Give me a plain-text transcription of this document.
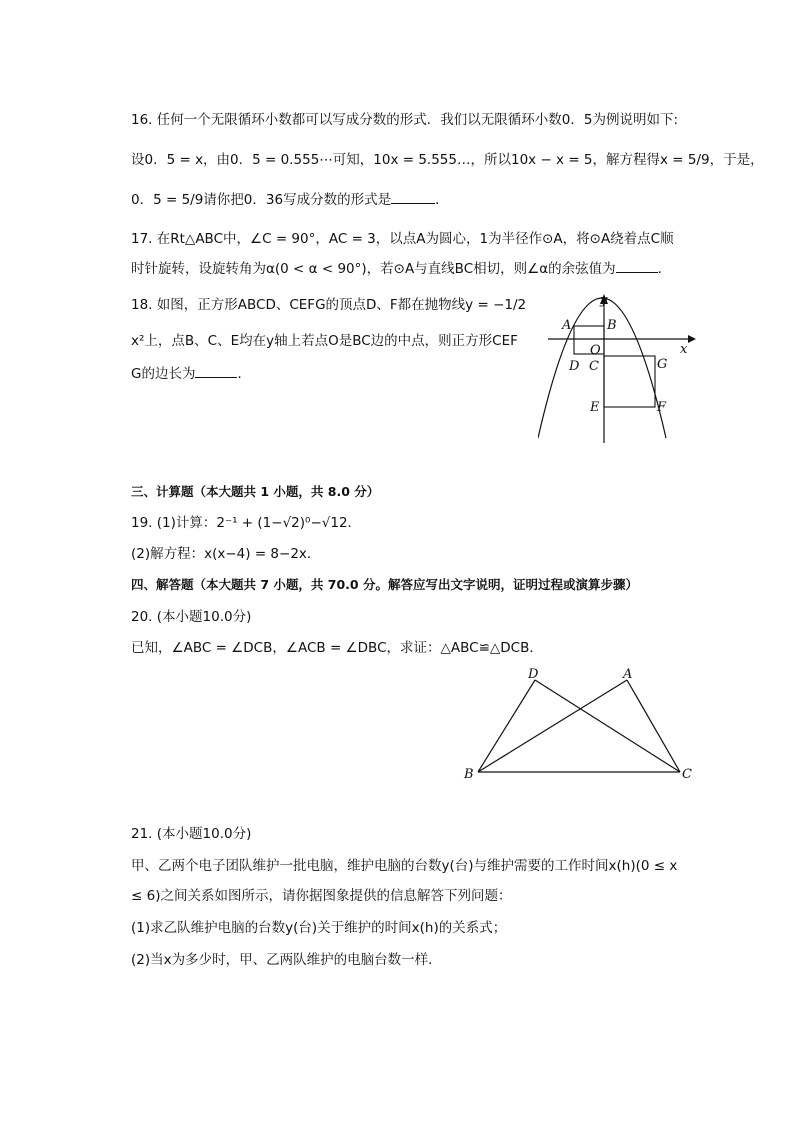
16. 任何一个无限循环小数都可以写成分数的形式．我们以无限循环小数0．5̇为例说明如下:
设0．5̇ = x，由0．5̇ = 0.555⋯可知，10x = 5.555…，所以10x − x = 5，解方程得x = 5/9，于是，
0．5̇ = 5/9请你把0．3̇6̇写成分数的形式是	．
17. 在Rt△ABC中，∠C = 90°，AC = 3，以点A为圆心，1为半径作⊙A，将⊙A绕着点C顺
时针旋转，设旋转角为α(0 < α < 90°)，若⊙A与直线BC相切，则∠α的余弦值为	．
18. 如图，正方形ABCD、CEFG的顶点D、F都在抛物线y = −1/2
x²上，点B、C、E均在y轴上若点O是BC边的中点，则正方形CEF
G的边长为	．
y
x
A	B
O
D C	G
E	F
三、计算题（本大题共 1 小题，共 8.0 分）
19. (1)计算：2⁻¹ + (1−√2)⁰−√12．
(2)解方程：x(x−4) = 8−2x．
四、解答题（本大题共 7 小题，共 70.0 分。解答应写出文字说明，证明过程或演算步骤）
20. (本小题10.0分)
已知，∠ABC = ∠DCB，∠ACB = ∠DBC，求证：△ABC≌△DCB．
D	A
B	C
21. (本小题10.0分)
甲、乙两个电子团队维护一批电脑，维护电脑的台数y(台)与维护需要的工作时间x(h)(0 ≤ x
≤ 6)之间关系如图所示，请你据图象提供的信息解答下列问题：
(1)求乙队维护电脑的台数y(台)关于维护的时间x(h)的关系式；
(2)当x为多少时，甲、乙两队维护的电脑台数一样．
